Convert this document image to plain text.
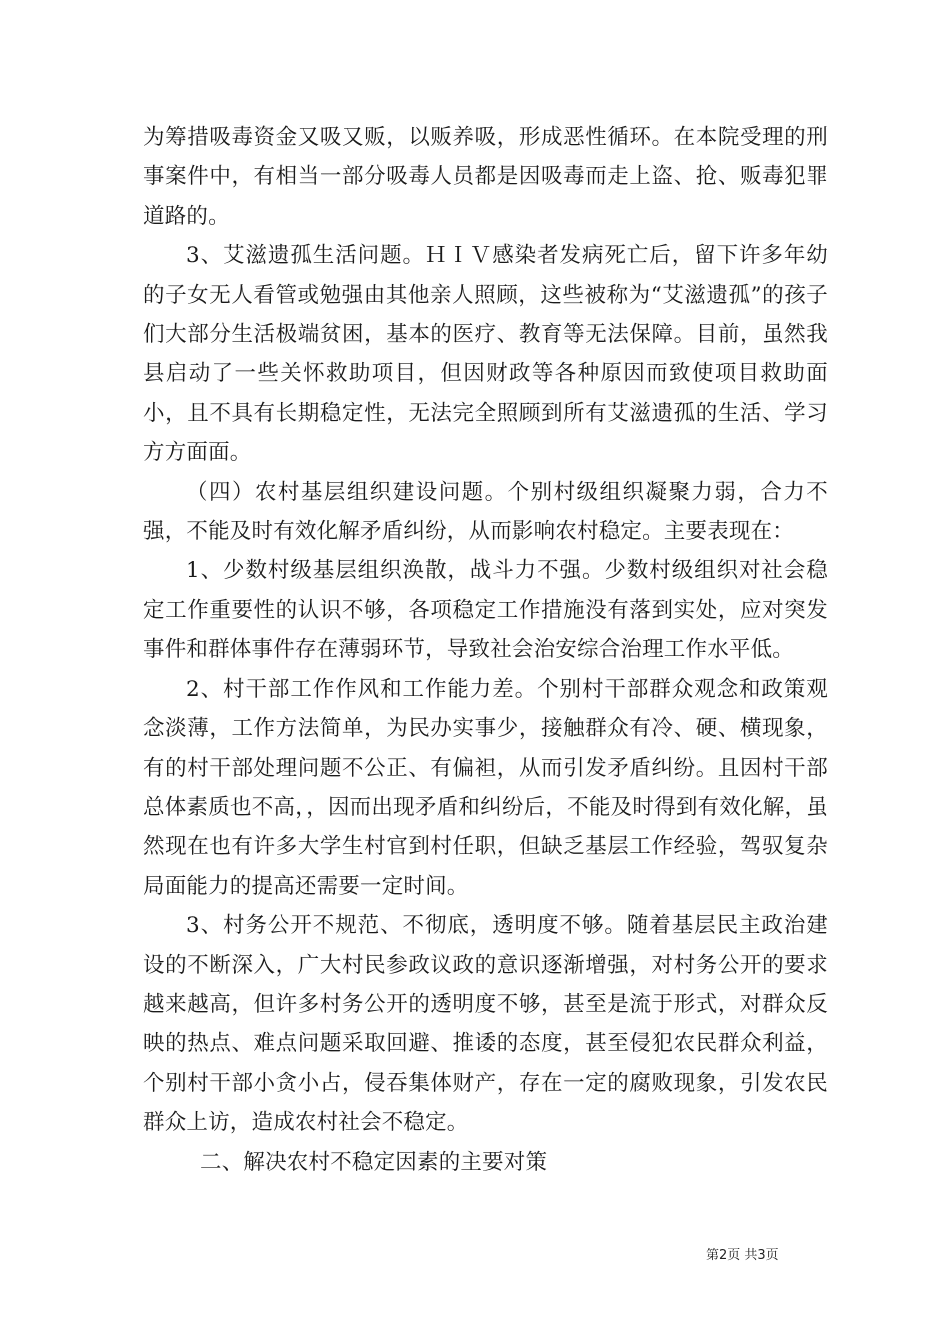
为筹措吸毒资金又吸又贩，以贩养吸，形成恶性循环。在本院受理的刑事案件中，有相当一部分吸毒人员都是因吸毒而走上盗、抢、贩毒犯罪道路的。

3、艾滋遗孤生活问题。ＨＩＶ感染者发病死亡后，留下许多年幼的子女无人看管或勉强由其他亲人照顾，这些被称为“艾滋遗孤”的孩子们大部分生活极端贫困，基本的医疗、教育等无法保障。目前，虽然我县启动了一些关怀救助项目，但因财政等各种原因而致使项目救助面小，且不具有长期稳定性，无法完全照顾到所有艾滋遗孤的生活、学习方方面面。

（四）农村基层组织建设问题。个别村级组织凝聚力弱，合力不强，不能及时有效化解矛盾纠纷，从而影响农村稳定。主要表现在：

1、少数村级基层组织涣散，战斗力不强。少数村级组织对社会稳定工作重要性的认识不够，各项稳定工作措施没有落到实处，应对突发事件和群体事件存在薄弱环节，导致社会治安综合治理工作水平低。

2、村干部工作作风和工作能力差。个别村干部群众观念和政策观念淡薄，工作方法简单，为民办实事少，接触群众有冷、硬、横现象，有的村干部处理问题不公正、有偏袒，从而引发矛盾纠纷。且因村干部总体素质也不高，，因而出现矛盾和纠纷后，不能及时得到有效化解，虽然现在也有许多大学生村官到村任职，但缺乏基层工作经验，驾驭复杂局面能力的提高还需要一定时间。

3、村务公开不规范、不彻底，透明度不够。随着基层民主政治建设的不断深入，广大村民参政议政的意识逐渐增强，对村务公开的要求越来越高，但许多村务公开的透明度不够，甚至是流于形式，对群众反映的热点、难点问题采取回避、推诿的态度，甚至侵犯农民群众利益，个别村干部小贪小占，侵吞集体财产，存在一定的腐败现象，引发农民群众上访，造成农村社会不稳定。

二、解决农村不稳定因素的主要对策

第2页 共3页
